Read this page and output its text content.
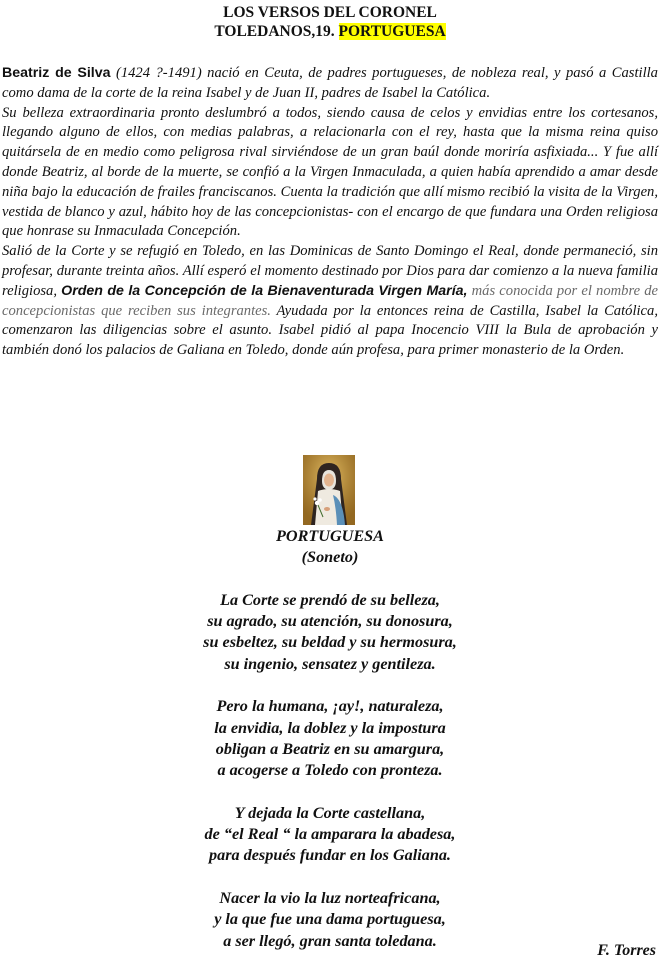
LOS VERSOS DEL CORONEL
TOLEDANOS,19. PORTUGUESA

Beatriz de Silva (1424 ?-1491) nació en Ceuta, de padres portugueses, de nobleza real, y pasó a Castilla como dama de la corte de la reina Isabel y de Juan II, padres de Isabel la Católica.

Su belleza extraordinaria pronto deslumbró a todos, siendo causa de celos y envidias entre los cortesanos, llegando alguno de ellos, con medias palabras, a relacionarla con el rey, hasta que la misma reina quiso quitársela de en medio como peligrosa rival sirviéndose de un gran baúl donde moriría asfixiada... Y fue allí donde Beatriz, al borde de la muerte, se confió a la Virgen Inmaculada, a quien había aprendido a amar desde niña bajo la educación de frailes franciscanos. Cuenta la tradición que allí mismo recibió la visita de la Virgen, vestida de blanco y azul, hábito hoy de las concepcionistas- con el encargo de que fundara una Orden religiosa que honrase su Inmaculada Concepción.

Salió de la Corte y se refugió en Toledo, en las Dominicas de Santo Domingo el Real, donde permaneció, sin profesar, durante treinta años. Allí esperó el momento destinado por Dios para dar comienzo a la nueva familia religiosa, Orden de la Concepción de la Bienaventurada Virgen María, más conocida por el nombre de concepcionistas que reciben sus integrantes. Ayudada por la entonces reina de Castilla, Isabel la Católica, comenzaron las diligencias sobre el asunto. Isabel pidió al papa Inocencio VIII la Bula de aprobación y también donó los palacios de Galiana en Toledo, donde aún profesa, para primer monasterio de la Orden.

PORTUGUESA
(Soneto)
La Corte se prendó de su belleza,
su agrado, su atención, su donosura,
su esbeltez, su beldad y su hermosura,
su ingenio, sensatez y gentileza.
Pero la humana, ¡ay!, naturaleza,
la envidia, la doblez y la impostura
obligan a Beatriz en su amargura,
a acogerse a Toledo con pronteza.
Y dejada la Corte castellana,
de “el Real “ la amparara la abadesa,
para después fundar en los Galiana.
Nacer la vio la luz norteafricana,
y la que fue una dama portuguesa,
a ser llegó, gran santa toledana.
F. Torres
